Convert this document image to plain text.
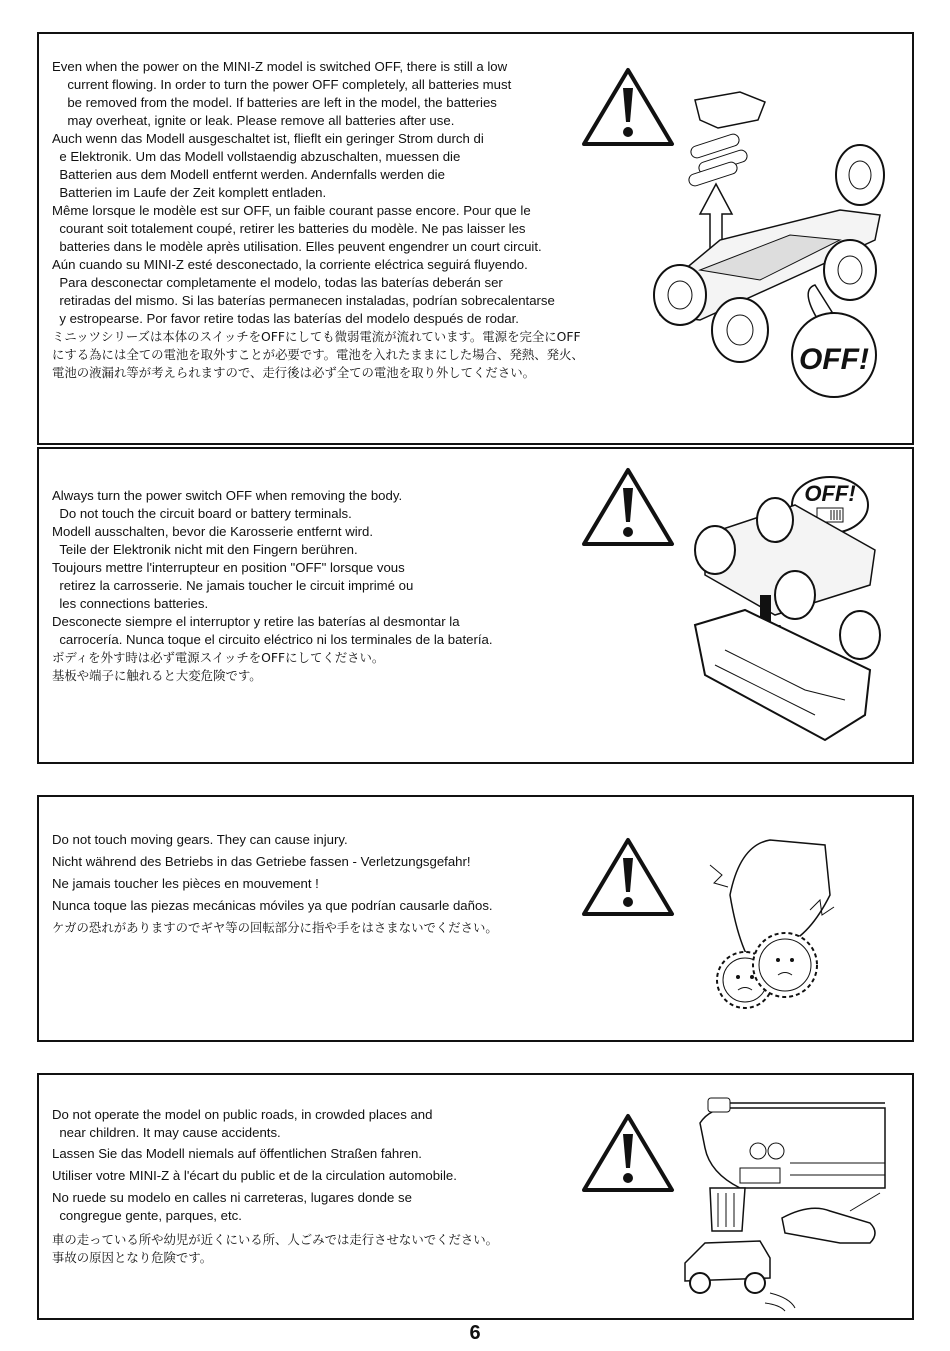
Even when the power on the MINI-Z model is switched OFF, there is still a low
current flowing. In order to turn the power OFF completely, all batteries must
be removed from the model. If batteries are left in the model, the batteries
may overheat, ignite or leak. Please remove all batteries after use.

Auch wenn das Modell ausgeschaltet ist, flieflt ein geringer Strom durch di
e Elektronik. Um das Modell vollstaendig abzuschalten, muessen die
Batterien aus dem Modell entfernt werden. Andernfalls werden die
Batterien im Laufe der Zeit komplett entladen.

Même lorsque le modèle est sur OFF, un faible courant passe encore. Pour que le
courant soit totalement coupé, retirer les batteries du modèle. Ne pas laisser les
batteries dans le modèle après utilisation. Elles peuvent engendrer un court circuit.

Aún cuando su MINI-Z esté desconectado, la corriente eléctrica seguirá fluyendo.
Para desconectar completamente el modelo, todas las baterías deberán ser
retiradas del mismo. Si las baterías permanecen instaladas, podrían sobrecalentarse
y estropearse. Por favor retire todas las baterías del modelo después de rodar.

ミニッツシリーズは本体のスイッチをOFFにしても微弱電流が流れています。電源を完全にOFF
にする為には全ての電池を取外すことが必要です。電池を入れたままにした場合、発熱、発火、
電池の液漏れ等が考えられますので、走行後は必ず全ての電池を取り外してください。	OFF!

Always turn the power switch OFF when removing the body.
Do not touch the circuit board or battery terminals.

Modell ausschalten, bevor die Karosserie entfernt wird.
Teile der Elektronik nicht mit den Fingern berühren.

Toujours mettre l'interrupteur en position "OFF" lorsque vous
retirez la carrosserie. Ne jamais toucher le circuit imprimé ou
les connections batteries.

Desconecte siempre el interruptor y retire las baterías al desmontar la
carrocería. Nunca toque el circuito eléctrico ni los terminales de la batería.

ボディを外す時は必ず電源スイッチをOFFにしてください。
基板や端子に触れると大変危険です。

OFF!

Do not touch moving gears. They can cause injury.

Nicht während des Betriebs in das Getriebe fassen - Verletzungsgefahr!

Ne jamais toucher les pièces en mouvement !

Nunca toque las piezas mecánicas móviles ya que podrían causarle daños.

ケガの恐れがありますのでギヤ等の回転部分に指や手をはさまないでください。

Do not operate the model on public roads, in crowded places and
near children. It may cause accidents.

Lassen Sie das Modell niemals auf öffentlichen Straßen fahren.

Utiliser votre MINI-Z à l'écart du public et de la circulation automobile.

No ruede su modelo en calles ni carreteras, lugares donde se
congregue gente, parques, etc.

車の走っている所や幼児が近くにいる所、人ごみでは走行させないでください。
事故の原因となり危険です。

6
